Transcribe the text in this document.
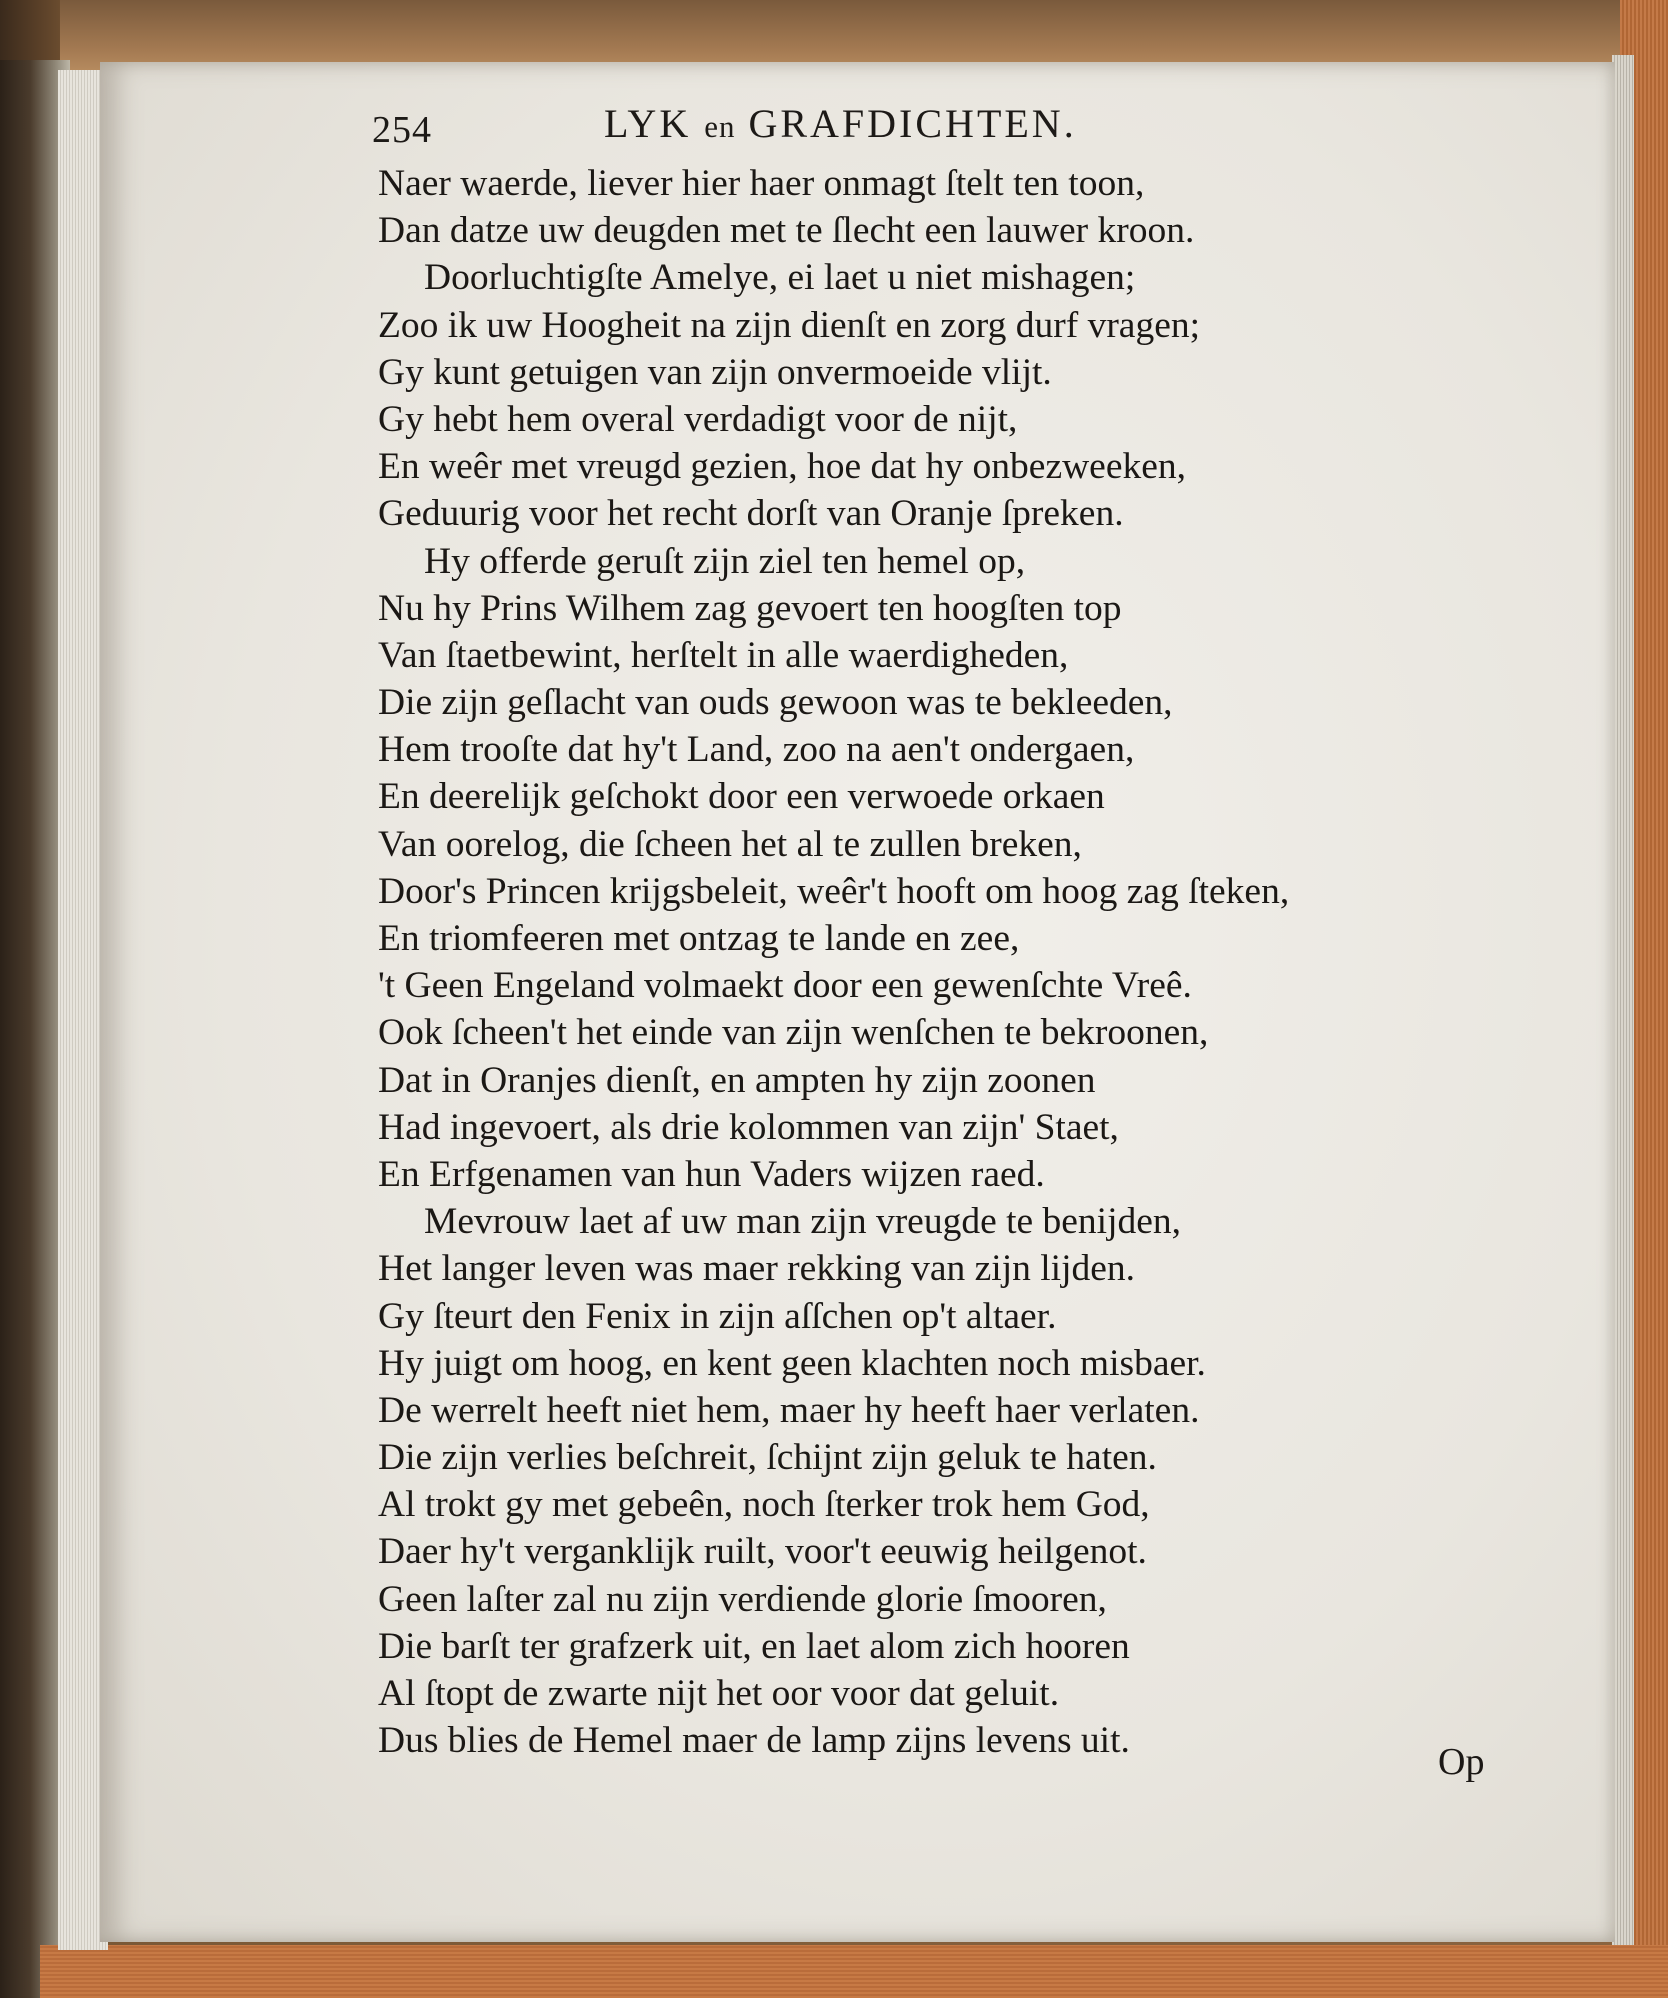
254	LYK en GRAFDICHTEN.
Naer waerde, liever hier haer onmagt ſtelt ten toon,
Dan datze uw deugden met te ſlecht een lauwer kroon.
Doorluchtigſte Amelye, ei laet u niet mishagen;
Zoo ik uw Hoogheit na zijn dienſt en zorg durf vragen;
Gy kunt getuigen van zijn onvermoeide vlijt.
Gy hebt hem overal verdadigt voor de nijt,
En weêr met vreugd gezien, hoe dat hy onbezweeken,
Geduurig voor het recht dorſt van Oranje ſpreken.
Hy offerde geruſt zijn ziel ten hemel op,
Nu hy Prins Wilhem zag gevoert ten hoogſten top
Van ſtaetbewint, herſtelt in alle waerdigheden,
Die zijn geſlacht van ouds gewoon was te bekleeden,
Hem trooſte dat hy't Land, zoo na aen't ondergaen,
En deerelijk geſchokt door een verwoede orkaen
Van oorelog, die ſcheen het al te zullen breken,
Door's Princen krijgsbeleit, weêr't hooft om hoog zag ſteken,
En triomfeeren met ontzag te lande en zee,
't Geen Engeland volmaekt door een gewenſchte Vreê.
Ook ſcheen't het einde van zijn wenſchen te bekroonen,
Dat in Oranjes dienſt, en ampten hy zijn zoonen
Had ingevoert, als drie kolommen van zijn' Staet,
En Erfgenamen van hun Vaders wijzen raed.
Mevrouw laet af uw man zijn vreugde te benijden,
Het langer leven was maer rekking van zijn lijden.
Gy ſteurt den Fenix in zijn aſſchen op't altaer.
Hy juigt om hoog, en kent geen klachten noch misbaer.
De werrelt heeft niet hem, maer hy heeft haer verlaten.
Die zijn verlies beſchreit, ſchijnt zijn geluk te haten.
Al trokt gy met gebeên, noch ſterker trok hem God,
Daer hy't verganklijk ruilt, voor't eeuwig heilgenot.
Geen laſter zal nu zijn verdiende glorie ſmooren,
Die barſt ter grafzerk uit, en laet alom zich hooren
Al ſtopt de zwarte nijt het oor voor dat geluit.
Dus blies de Hemel maer de lamp zijns levens uit.
Op
